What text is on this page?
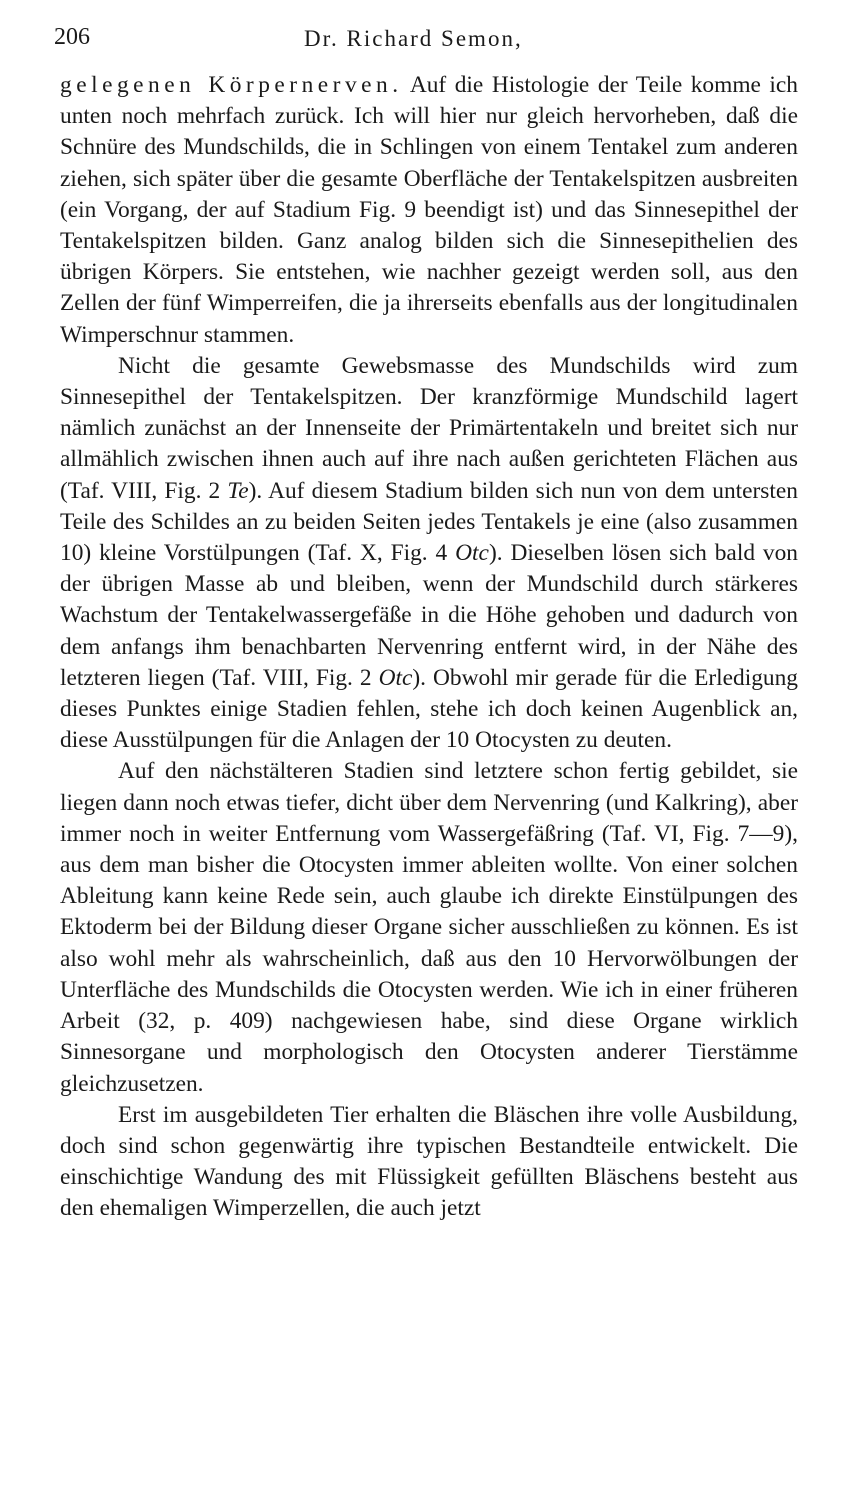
206	Dr. Richard Semon,

gelegenen Körpernerven. Auf die Histologie der Teile komme ich unten noch mehrfach zurück. Ich will hier nur gleich hervorheben, daß die Schnüre des Mundschilds, die in Schlingen von einem Tentakel zum anderen ziehen, sich später über die gesamte Oberfläche der Tentakelspitzen ausbreiten (ein Vorgang, der auf Stadium Fig. 9 beendigt ist) und das Sinnesepithel der Tentakelspitzen bilden. Ganz analog bilden sich die Sinnesepithelien des übrigen Körpers. Sie entstehen, wie nachher gezeigt werden soll, aus den Zellen der fünf Wimperreifen, die ja ihrerseits ebenfalls aus der longitudinalen Wimperschnur stammen.

Nicht die gesamte Gewebsmasse des Mundschilds wird zum Sinnesepithel der Tentakelspitzen. Der kranzförmige Mundschild lagert nämlich zunächst an der Innenseite der Primärtentakeln und breitet sich nur allmählich zwischen ihnen auch auf ihre nach außen gerichteten Flächen aus (Taf. VIII, Fig. 2 Te). Auf diesem Stadium bilden sich nun von dem untersten Teile des Schildes an zu beiden Seiten jedes Tentakels je eine (also zusammen 10) kleine Vorstülpungen (Taf. X, Fig. 4 Otc). Dieselben lösen sich bald von der übrigen Masse ab und bleiben, wenn der Mundschild durch stärkeres Wachstum der Tentakelwassergefäße in die Höhe gehoben und dadurch von dem anfangs ihm benachbarten Nervenring entfernt wird, in der Nähe des letzteren liegen (Taf. VIII, Fig. 2 Otc). Obwohl mir gerade für die Erledigung dieses Punktes einige Stadien fehlen, stehe ich doch keinen Augenblick an, diese Ausstülpungen für die Anlagen der 10 Otocysten zu deuten.

Auf den nächstälteren Stadien sind letztere schon fertig gebildet, sie liegen dann noch etwas tiefer, dicht über dem Nervenring (und Kalkring), aber immer noch in weiter Entfernung vom Wassergefäßring (Taf. VI, Fig. 7—9), aus dem man bisher die Otocysten immer ableiten wollte. Von einer solchen Ableitung kann keine Rede sein, auch glaube ich direkte Einstülpungen des Ektoderm bei der Bildung dieser Organe sicher ausschließen zu können. Es ist also wohl mehr als wahrscheinlich, daß aus den 10 Hervorwölbungen der Unterfläche des Mundschilds die Otocysten werden. Wie ich in einer früheren Arbeit (32, p. 409) nachgewiesen habe, sind diese Organe wirklich Sinnesorgane und morphologisch den Otocysten anderer Tierstämme gleichzusetzen.

Erst im ausgebildeten Tier erhalten die Bläschen ihre volle Ausbildung, doch sind schon gegenwärtig ihre typischen Bestandteile entwickelt. Die einschichtige Wandung des mit Flüssigkeit gefüllten Bläschens besteht aus den ehemaligen Wimperzellen, die auch jetzt
